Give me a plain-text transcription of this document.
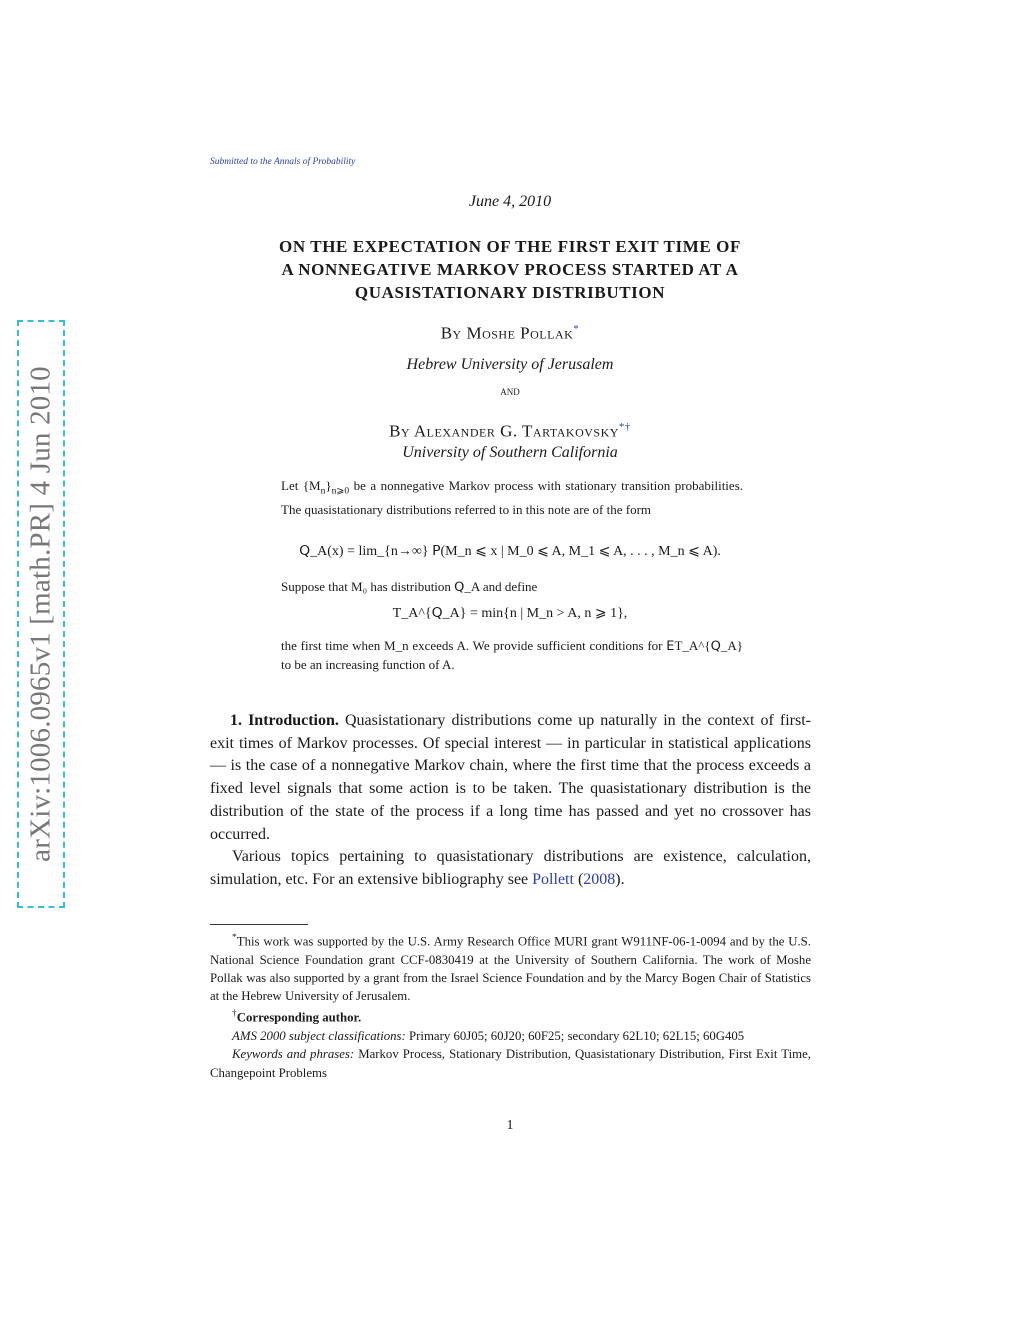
arXiv:1006.0965v1 [math.PR] 4 Jun 2010
Submitted to the Annals of Probability
June 4, 2010
ON THE EXPECTATION OF THE FIRST EXIT TIME OF
A NONNEGATIVE MARKOV PROCESS STARTED AT A
QUASISTATIONARY DISTRIBUTION
By Moshe Pollak*
Hebrew University of Jerusalem
and
By Alexander G. Tartakovsky*†
University of Southern California
Let $\{M_n\}_{n⩾0}$ be a nonnegative Markov process with stationary transition probabilities. The quasistationary distributions referred to in this note are of the form
𝖰_A(x) = lim_{n→∞} 𝖯(M_n ⩽ x | M_0 ⩽ A, M_1 ⩽ A, . . . , M_n ⩽ A).
Suppose that M₀ has distribution 𝖰_A and define
T_A^{𝖰_A} = min{n | M_n > A, n ⩾ 1},
the first time when M_n exceeds A. We provide sufficient conditions for 𝖤T_A^{𝖰_A} to be an increasing function of A.

1. Introduction. Quasistationary distributions come up naturally in the context of first-exit times of Markov processes. Of special interest — in particular in statistical applications — is the case of a nonnegative Markov chain, where the first time that the process exceeds a fixed level signals that some action is to be taken. The quasistationary distribution is the distribution of the state of the process if a long time has passed and yet no crossover has occurred.

Various topics pertaining to quasistationary distributions are existence, calculation, simulation, etc. For an extensive bibliography see Pollett (2008).

*This work was supported by the U.S. Army Research Office MURI grant W911NF-06-1-0094 and by the U.S. National Science Foundation grant CCF-0830419 at the University of Southern California. The work of Moshe Pollak was also supported by a grant from the Israel Science Foundation and by the Marcy Bogen Chair of Statistics at the Hebrew University of Jerusalem.

†Corresponding author.

AMS 2000 subject classifications: Primary 60J05; 60J20; 60F25; secondary 62L10; 62L15; 60G405

Keywords and phrases: Markov Process, Stationary Distribution, Quasistationary Distribution, First Exit Time, Changepoint Problems

1
